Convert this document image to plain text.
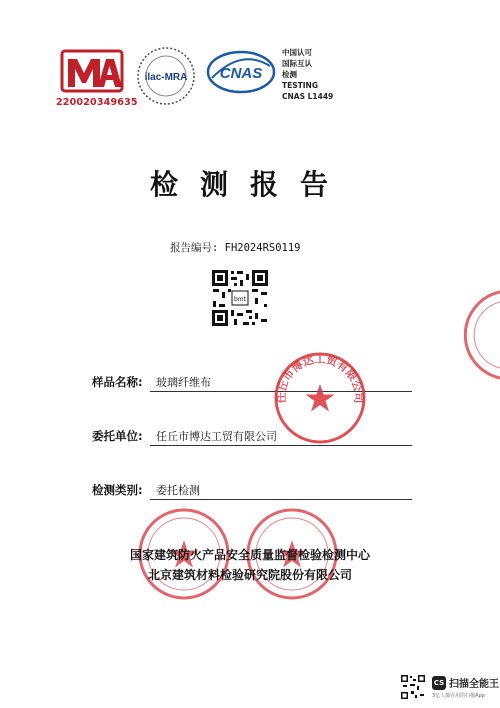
220020349635
ilac-MRA CNAS
中国认可
国际互认
检测
TESTING
CNAS L1449
检测报告
报告编号: FH2024RS0119
bmt
样品名称: 玻璃纤维布
委托单位: 任丘市博达工贸有限公司
检测类别: 委托检测
任丘市博达工贸有限公司
国家建筑防火产品安全质量监督检验检测中心
北京建筑材料检验研究院股份有限公司
CS 扫描全能王
3亿人都在用的扫描App
